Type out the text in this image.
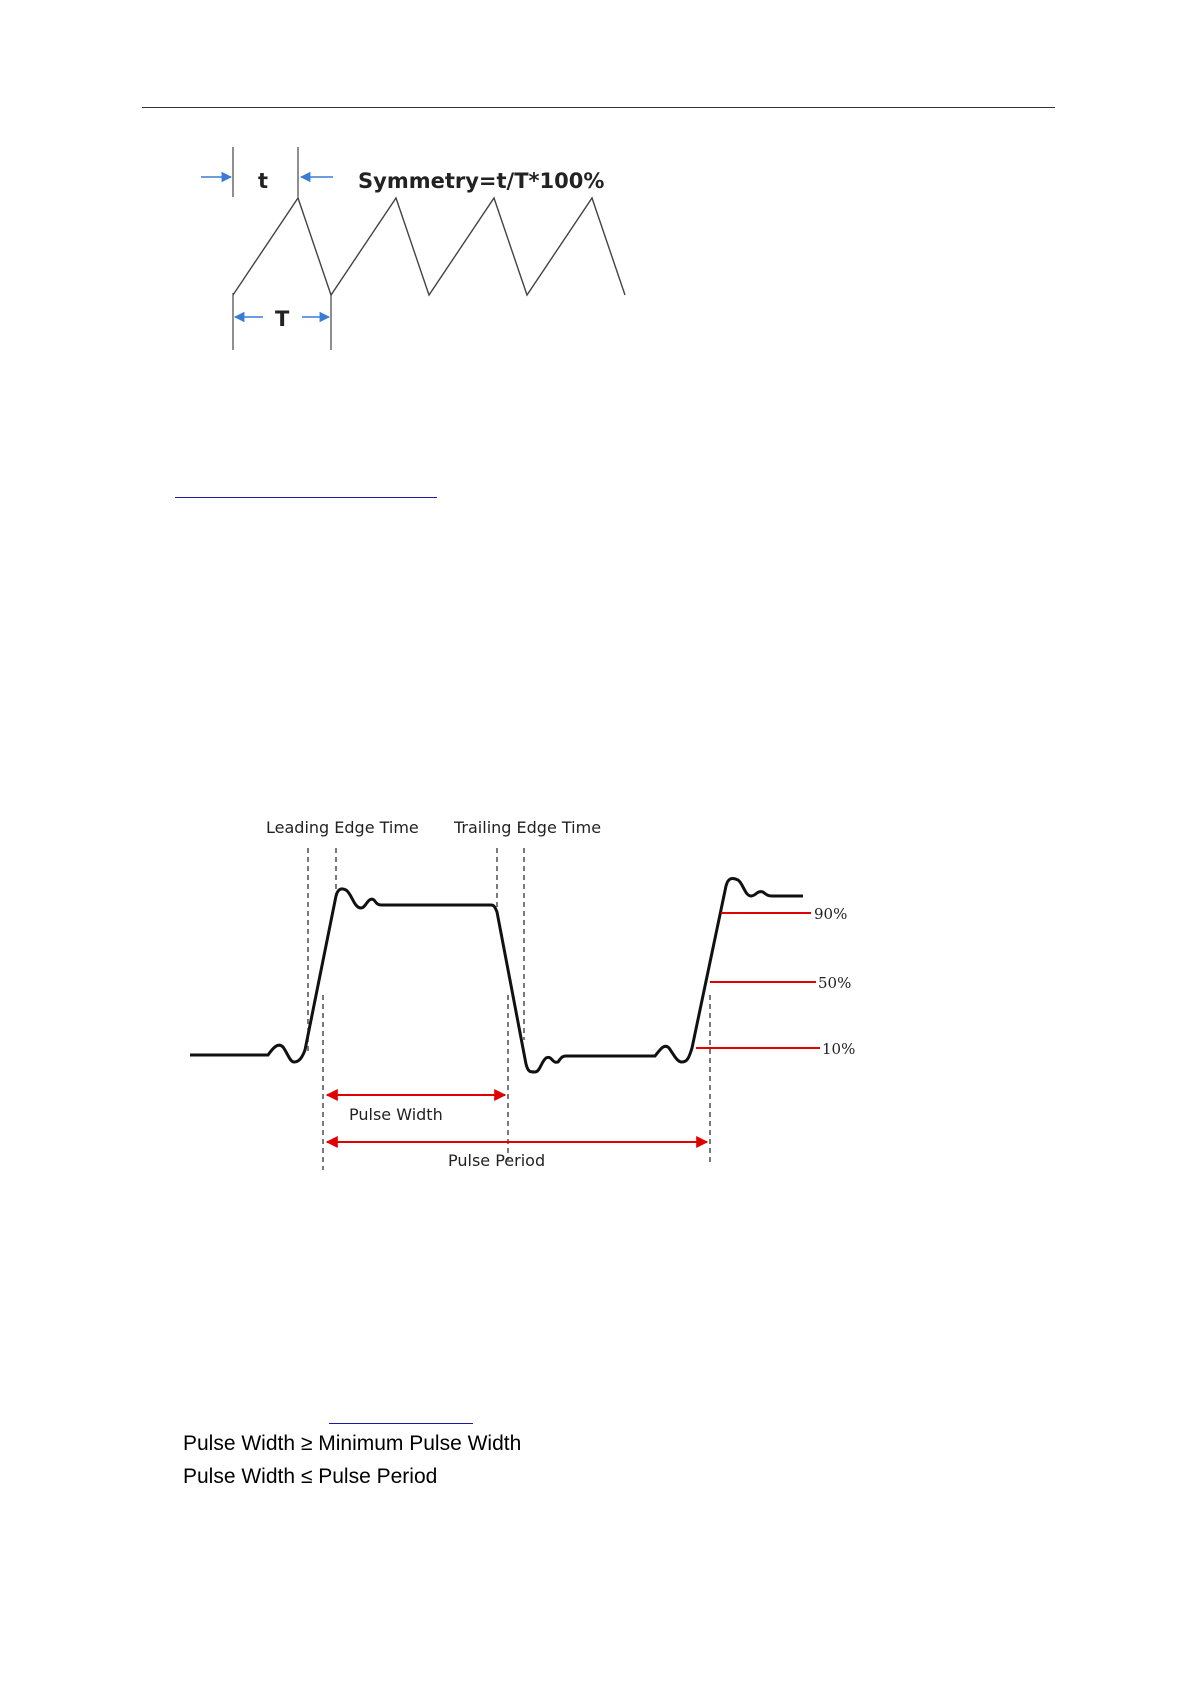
t	Symmetry=t/T*100%
T
Leading Edge Time Trailing Edge Time
90%
50%
10%
Pulse Width
Pulse Period
Pulse Width ≥ Minimum Pulse Width
Pulse Width ≤ Pulse Period
